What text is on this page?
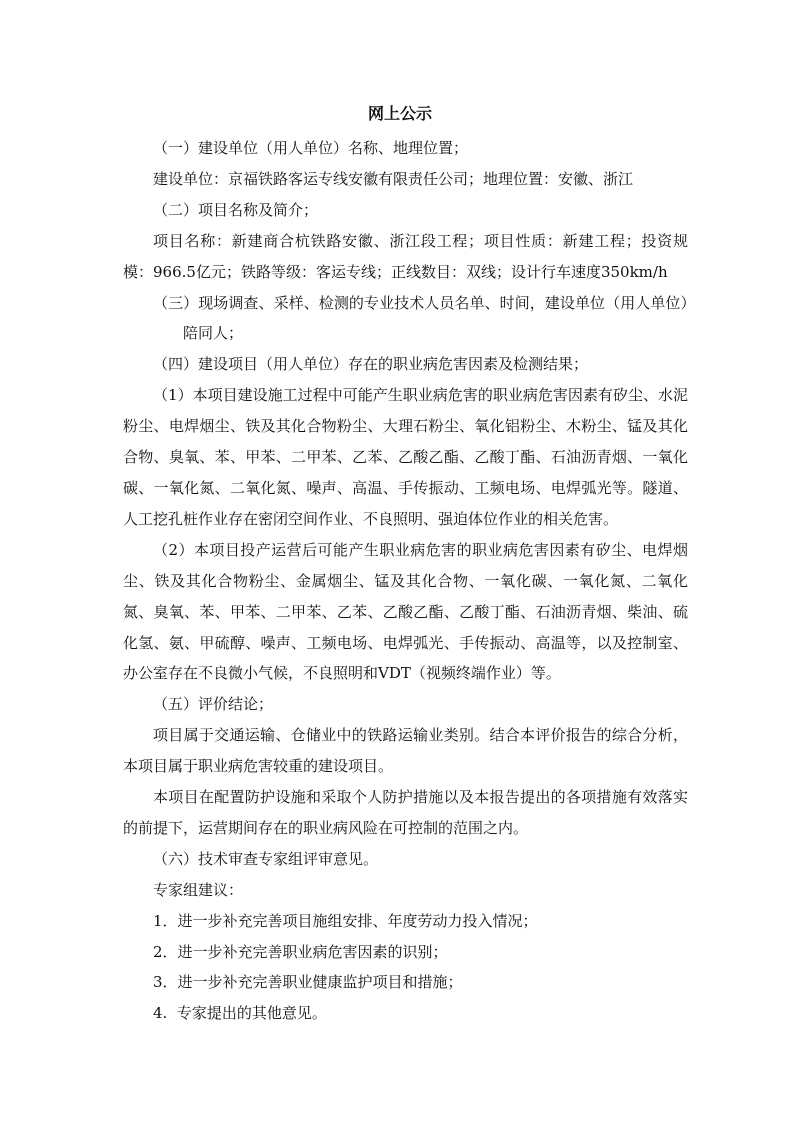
网上公示

（一）建设单位（用人单位）名称、地理位置；

建设单位：京福铁路客运专线安徽有限责任公司；地理位置：安徽、浙江

（二）项目名称及简介；

项目名称：新建商合杭铁路安徽、浙江段工程；项目性质：新建工程；投资规模：966.5亿元；铁路等级：客运专线；正线数目：双线；设计行车速度350km/h

（三）现场调查、采样、检测的专业技术人员名单、时间，建设单位（用人单位）陪同人；

（四）建设项目（用人单位）存在的职业病危害因素及检测结果；

（1）本项目建设施工过程中可能产生职业病危害的职业病危害因素有矽尘、水泥粉尘、电焊烟尘、铁及其化合物粉尘、大理石粉尘、氧化铝粉尘、木粉尘、锰及其化合物、臭氧、苯、甲苯、二甲苯、乙苯、乙酸乙酯、乙酸丁酯、石油沥青烟、一氧化碳、一氧化氮、二氧化氮、噪声、高温、手传振动、工频电场、电焊弧光等。隧道、人工挖孔桩作业存在密闭空间作业、不良照明、强迫体位作业的相关危害。

（2）本项目投产运营后可能产生职业病危害的职业病危害因素有矽尘、电焊烟尘、铁及其化合物粉尘、金属烟尘、锰及其化合物、一氧化碳、一氧化氮、二氧化氮、臭氧、苯、甲苯、二甲苯、乙苯、乙酸乙酯、乙酸丁酯、石油沥青烟、柴油、硫化氢、氨、甲硫醇、噪声、工频电场、电焊弧光、手传振动、高温等，以及控制室、办公室存在不良微小气候，不良照明和VDT（视频终端作业）等。

（五）评价结论；

项目属于交通运输、仓储业中的铁路运输业类别。结合本评价报告的综合分析，本项目属于职业病危害较重的建设项目。

本项目在配置防护设施和采取个人防护措施以及本报告提出的各项措施有效落实的前提下，运营期间存在的职业病风险在可控制的范围之内。

（六）技术审查专家组评审意见。

专家组建议：

1．进一步补充完善项目施组安排、年度劳动力投入情况；

2．进一步补充完善职业病危害因素的识别；

3．进一步补充完善职业健康监护项目和措施；

4.  专家提出的其他意见。
